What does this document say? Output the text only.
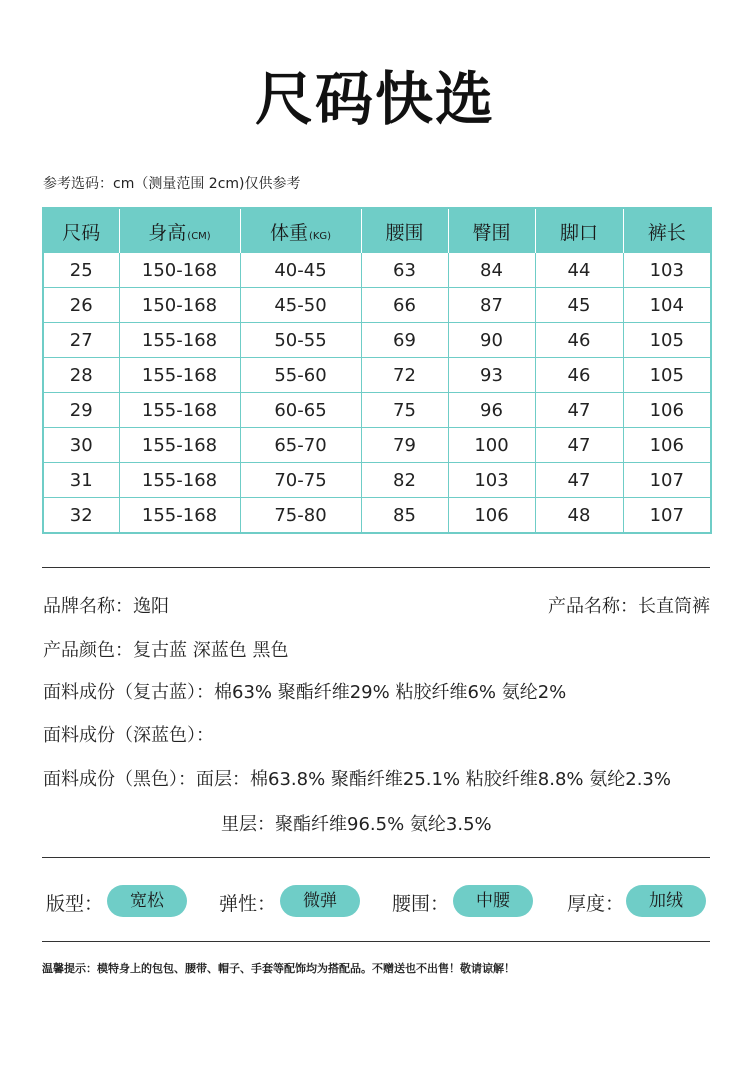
尺码快选
参考选码：cm（测量范围 2cm)仅供参考
尺码	身高(CM)	体重(KG)	腰围	臀围	脚口	裤长
25	150-168	40-45	63	84	44	103
26	150-168	45-50	66	87	45	104
27	155-168	50-55	69	90	46	105
28	155-168	55-60	72	93	46	105
29	155-168	60-65	75	96	47	106
30	155-168	65-70	79	100	47	106
31	155-168	70-75	82	103	47	107
32	155-168	75-80	85	106	48	107
品牌名称：逸阳	产品名称：长直筒裤
产品颜色：复古蓝 深蓝色 黑色
面料成份（复古蓝）：棉63% 聚酯纤维29% 粘胶纤维6% 氨纶2%
面料成份（深蓝色）：
面料成份（黑色）：面层：棉63.8% 聚酯纤维25.1% 粘胶纤维8.8% 氨纶2.3%
里层：聚酯纤维96.5% 氨纶3.5%
版型：	宽松	弹性：	微弹	腰围：	中腰	厚度：	加绒
温馨提示：模特身上的包包、腰带、帽子、手套等配饰均为搭配品。不赠送也不出售！敬请谅解！
